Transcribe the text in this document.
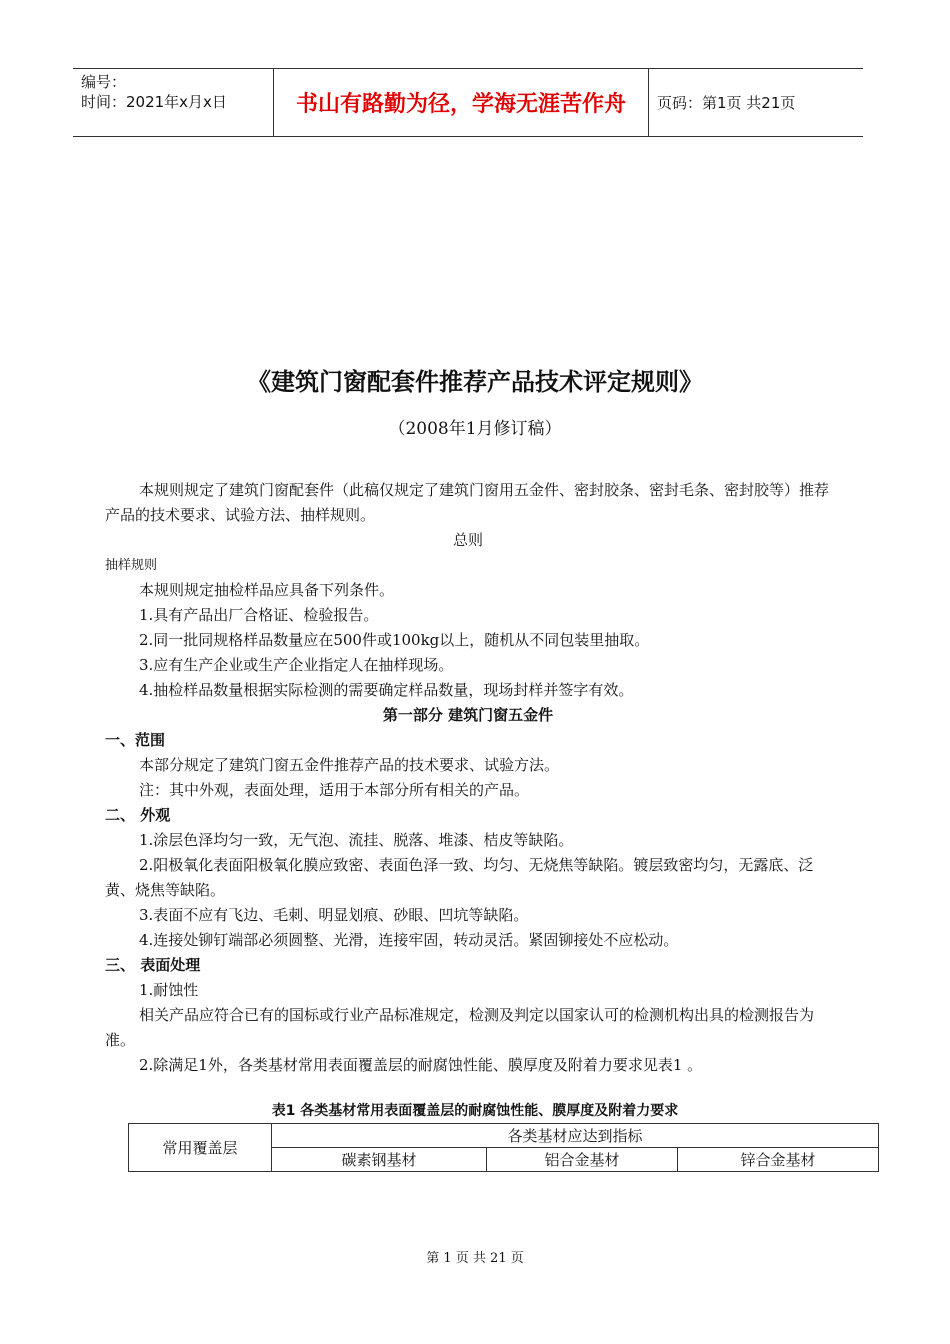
编号：
时间：2021年x月x日	书山有路勤为径，学海无涯苦作舟	页码：第1页 共21页
《建筑门窗配套件推荐产品技术评定规则》
（2008年1月修订稿）

本规则规定了建筑门窗配套件（此稿仅规定了建筑门窗用五金件、密封胶条、密封毛条、密封胶等）推荐产品的技术要求、试验方法、抽样规则。

总则

抽样规则

本规则规定抽检样品应具备下列条件。

1.具有产品出厂合格证、检验报告。

2.同一批同规格样品数量应在500件或100kg以上，随机从不同包装里抽取。

3.应有生产企业或生产企业指定人在抽样现场。

4.抽检样品数量根据实际检测的需要确定样品数量，现场封样并签字有效。

第一部分 建筑门窗五金件

一、范围

本部分规定了建筑门窗五金件推荐产品的技术要求、试验方法。

注：其中外观，表面处理，适用于本部分所有相关的产品。

二、 外观

1.涂层色泽均匀一致，无气泡、流挂、脱落、堆漆、桔皮等缺陷。

2.阳极氧化表面阳极氧化膜应致密、表面色泽一致、均匀、无烧焦等缺陷。镀层致密均匀，无露底、泛黄、烧焦等缺陷。

3.表面不应有飞边、毛刺、明显划痕、砂眼、凹坑等缺陷。

4.连接处铆钉端部必须圆整、光滑，连接牢固，转动灵活。紧固铆接处不应松动。

三、 表面处理

1.耐蚀性

相关产品应符合已有的国标或行业产品标准规定，检测及判定以国家认可的检测机构出具的检测报告为准。

2.除满足1外，各类基材常用表面覆盖层的耐腐蚀性能、膜厚度及附着力要求见表1 。

表1 各类基材常用表面覆盖层的耐腐蚀性能、膜厚度及附着力要求
常用覆盖层	各类基材应达到指标		
	碳素钢基材	铝合金基材	锌合金基材
第 1 页 共 21 页
